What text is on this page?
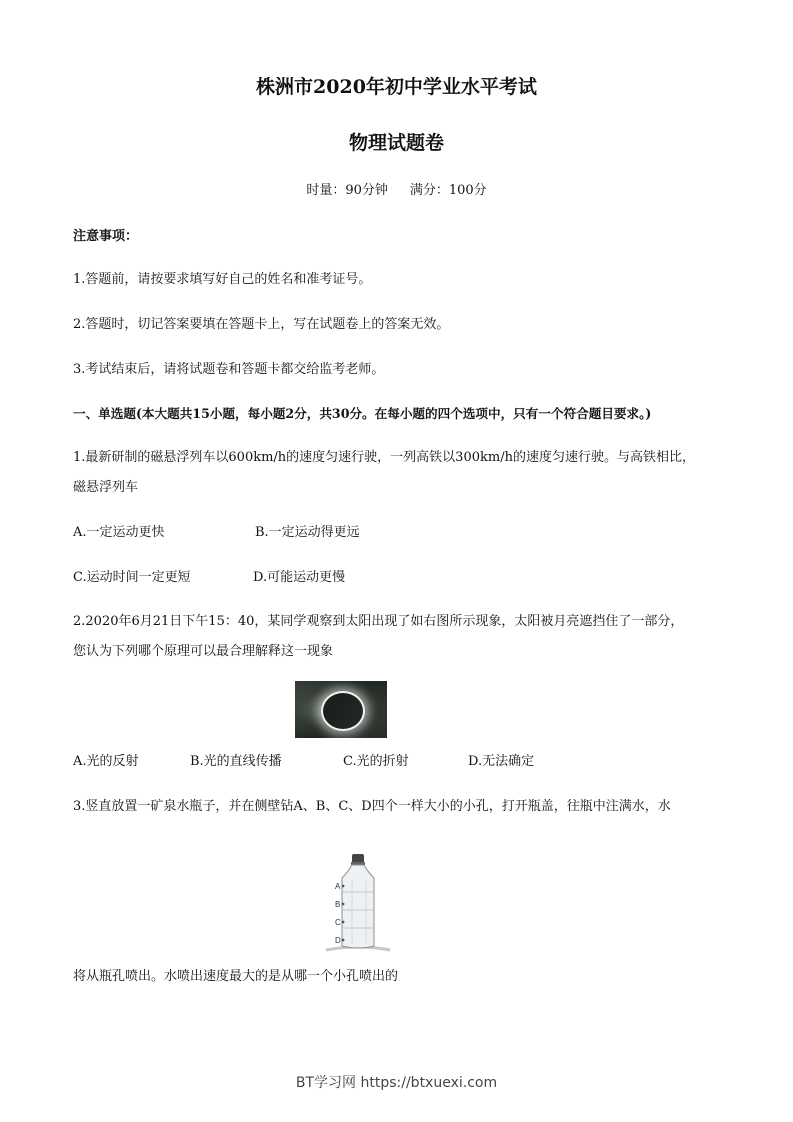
株洲市2020年初中学业水平考试
物理试题卷
时量：90分钟 满分：100分
注意事项：
1.答题前，请按要求填写好自己的姓名和准考证号。
2.答题时，切记答案要填在答题卡上，写在试题卷上的答案无效。
3.考试结束后，请将试题卷和答题卡都交给监考老师。
一、单选题(本大题共15小题，每小题2分，共30分。在每小题的四个选项中，只有一个符合题目要求。)
1.最新研制的磁悬浮列车以600km/h的速度匀速行驶，一列高铁以300km/h的速度匀速行驶。与高铁相比，
磁悬浮列车
A.一定运动更快	B.一定运动得更远
C.运动时间一定更短	D.可能运动更慢
2.2020年6月21日下午15：40，某同学观察到太阳出现了如右图所示现象，太阳被月亮遮挡住了一部分，
您认为下列哪个原理可以最合理解释这一现象
A.光的反射	B.光的直线传播	C.光的折射	D.无法确定
3.竖直放置一矿泉水瓶子，并在侧壁钻A、B、C、D四个一样大小的小孔，打开瓶盖，往瓶中注满水，水
A
B
C
D
将从瓶孔喷出。水喷出速度最大的是从哪一个小孔喷出的
BT学习网 https://btxuexi.com
